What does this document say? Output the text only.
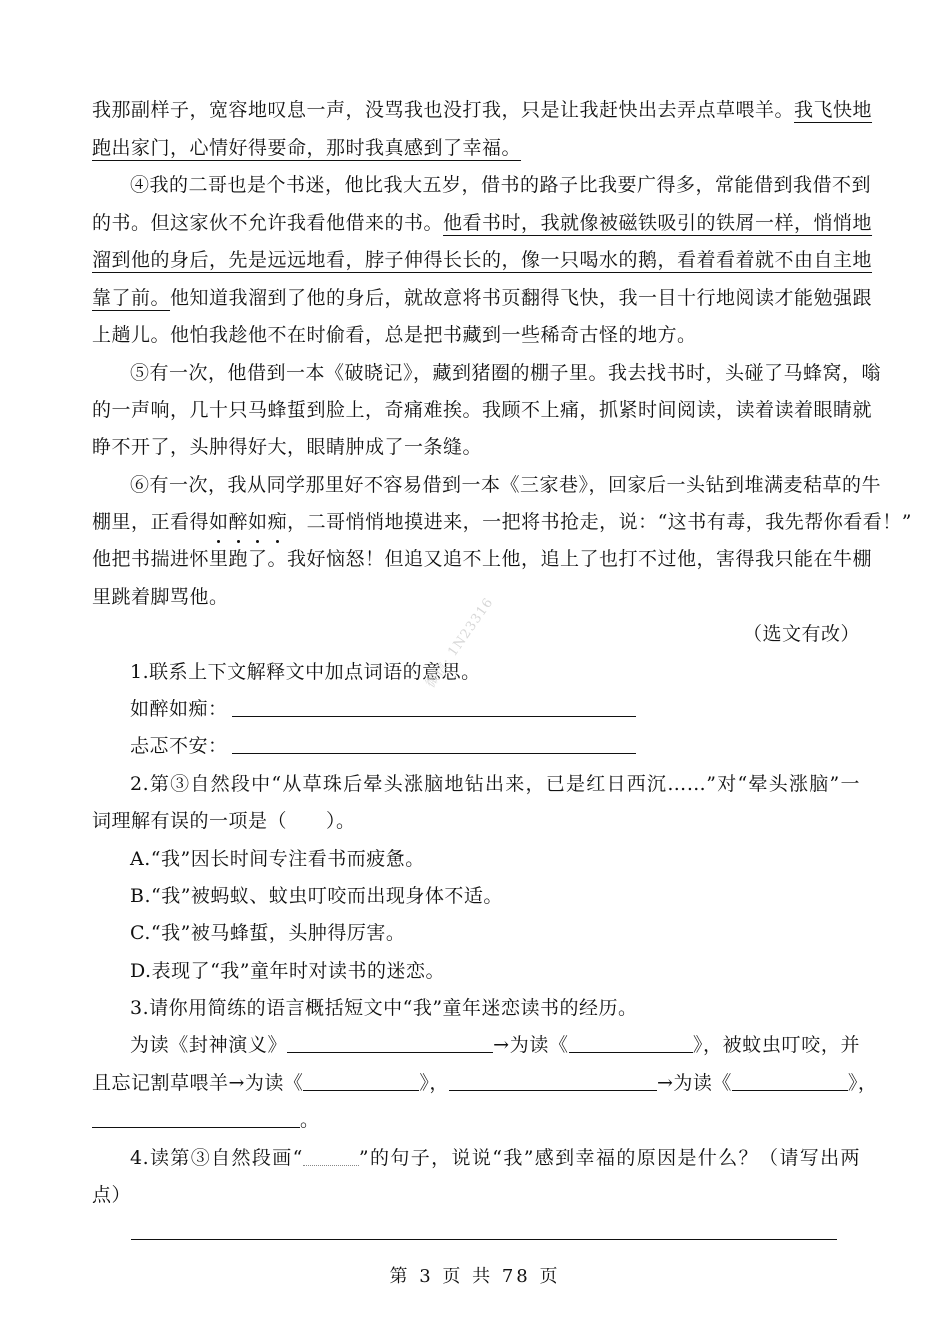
我那副样子，宽容地叹息一声，没骂我也没打我，只是让我赶快出去弄点草喂羊。我飞快地
跑出家门，心情好得要命，那时我真感到了幸福。
④我的二哥也是个书迷，他比我大五岁，借书的路子比我要广得多，常能借到我借不到
的书。但这家伙不允许我看他借来的书。他看书时，我就像被磁铁吸引的铁屑一样，悄悄地
溜到他的身后，先是远远地看，脖子伸得长长的，像一只喝水的鹅，看着看着就不由自主地
靠了前。他知道我溜到了他的身后，就故意将书页翻得飞快，我一目十行地阅读才能勉强跟
上趟儿。他怕我趁他不在时偷看，总是把书藏到一些稀奇古怪的地方。
⑤有一次，他借到一本《破晓记》，藏到猪圈的棚子里。我去找书时，头碰了马蜂窝，嗡
的一声响，几十只马蜂蜇到脸上，奇痛难挨。我顾不上痛，抓紧时间阅读，读着读着眼睛就
睁不开了，头肿得好大，眼睛肿成了一条缝。
⑥有一次，我从同学那里好不容易借到一本《三家巷》，回家后一头钻到堆满麦秸草的牛
棚里，正看得如醉如痴，二哥悄悄地摸进来，一把将书抢走，说：“这书有毒，我先帮你看看！”
他把书揣进怀里跑了。我好恼怒！但追又追不上他，追上了也打不过他，害得我只能在牛棚
里跳着脚骂他。
（选文有改）
1.联系上下文解释文中加点词语的意思。
如醉如痴：
忐忑不安：
2.第③自然段中“从草珠后晕头涨脑地钻出来，已是红日西沉……”对“晕头涨脑”一
词理解有误的一项是（　　）。
A.“我”因长时间专注看书而疲惫。
B.“我”被蚂蚁、蚊虫叮咬而出现身体不适。
C.“我”被马蜂蜇，头肿得厉害。
D.表现了“我”童年时对读书的迷恋。
3.请你用简练的语言概括短文中“我”童年迷恋读书的经历。
为读《封神演义》	→为读《	》，被蚊虫叮咬，并
且忘记割草喂羊→为读《	》，	→为读《	》，
。
4.读第③自然段画“	”的句子，说说“我”感到幸福的原因是什么？（请写出两
点）
微信: 1N23316
第 3 页 共 78 页
